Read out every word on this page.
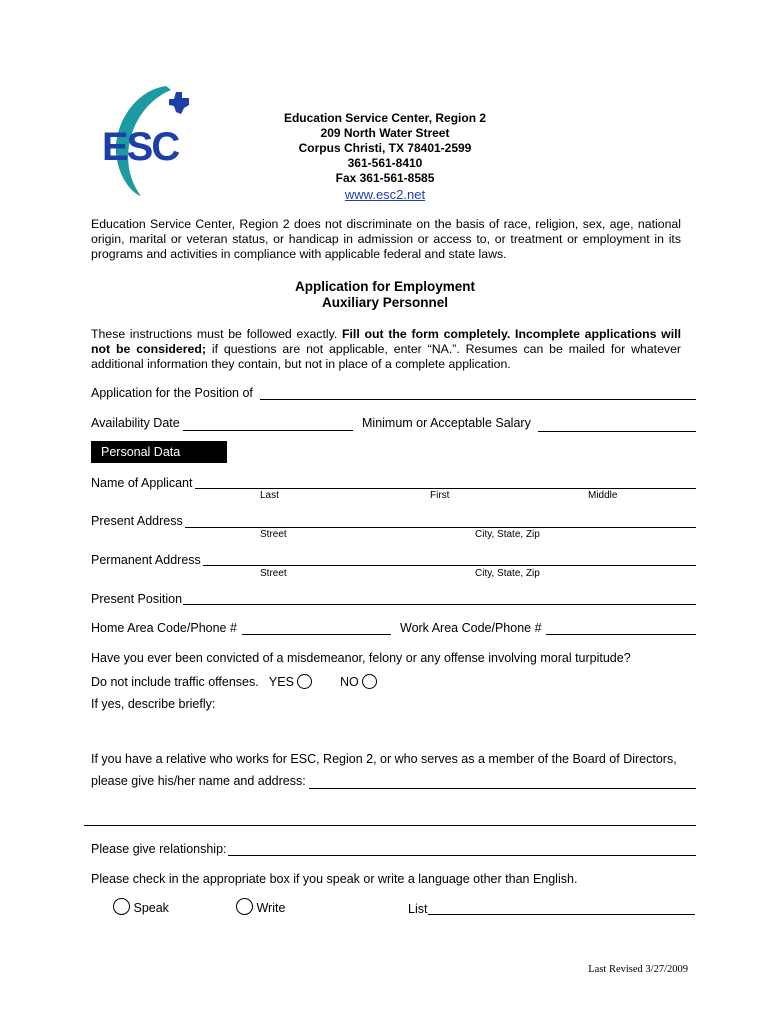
ESC
Education Service Center, Region 2
209 North Water Street
Corpus Christi, TX 78401-2599
361-561-8410
Fax 361-561-8585
www.esc2.net
Education Service Center, Region 2 does not discriminate on the basis of race, religion, sex, age, national origin, marital or veteran status, or handicap in admission or access to, or treatment or employment in its programs and activities in compliance with applicable federal and state laws.
Application for Employment
Auxiliary Personnel
These instructions must be followed exactly. Fill out the form completely. Incomplete applications will not be considered; if questions are not applicable, enter “NA.”. Resumes can be mailed for whatever additional information they contain, but not in place of a complete application.
Application for the Position of
Availability Date	Minimum or Acceptable Salary
Personal Data
Name of Applicant
Last	First	Middle
Present Address
Street	City, State, Zip
Permanent Address
Street	City, State, Zip
Present Position
Home Area Code/Phone #	Work Area Code/Phone #
Have you ever been convicted of a misdemeanor, felony or any offense involving moral turpitude?
Do not include traffic offenses. YES	NO
If yes, describe briefly:
If you have a relative who works for ESC, Region 2, or who serves as a member of the Board of Directors,
please give his/her name and address:
Please give relationship:
Please check in the appropriate box if you speak or write a language other than English.
Speak	Write	List
Last Revised 3/27/2009
